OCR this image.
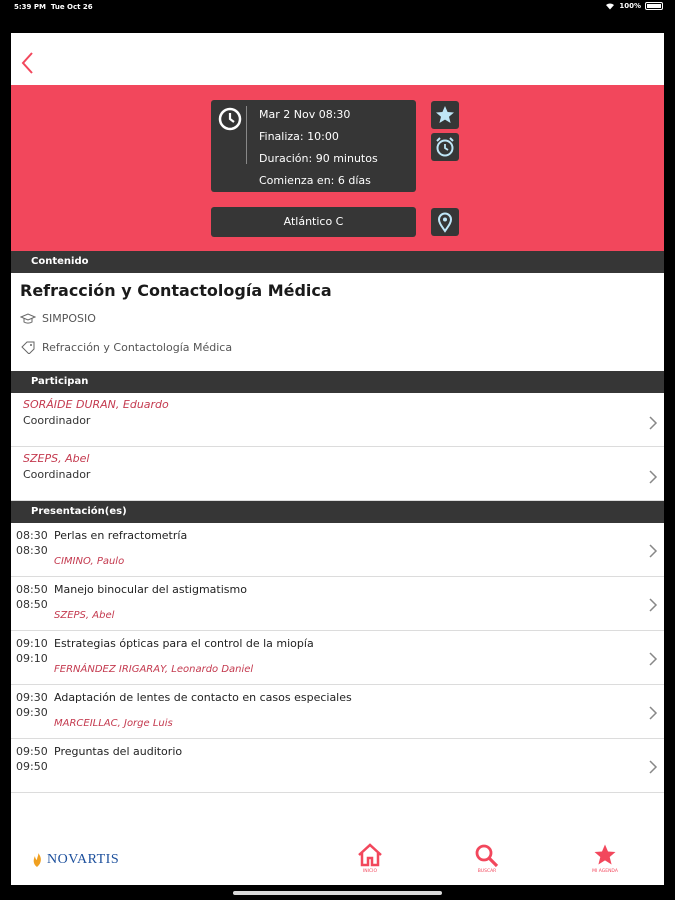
5:39 PM Tue Oct 26	100%
Mar 2 Nov 08:30
Finaliza: 10:00
Duración: 90 minutos
Comienza en: 6 días
Atlántico C
Contenido
Refracción y Contactología Médica
SIMPOSIO
Refracción y Contactología Médica
Participan
SORÁIDE DURAN, Eduardo
Coordinador
SZEPS, Abel
Coordinador
Presentación(es)
08:30
08:30
Perlas en refractometría
CIMINO, Paulo
08:50
08:50
Manejo binocular del astigmatismo
SZEPS, Abel
09:10
09:10
Estrategias ópticas para el control de la miopía
FERNÁNDEZ IRIGARAY, Leonardo Daniel
09:30
09:30
Adaptación de lentes de contacto en casos especiales
MARCEILLAC, Jorge Luis
09:50
09:50
Preguntas del auditorio
NOVARTIS
INICIO	BUSCAR	MI AGENDA
